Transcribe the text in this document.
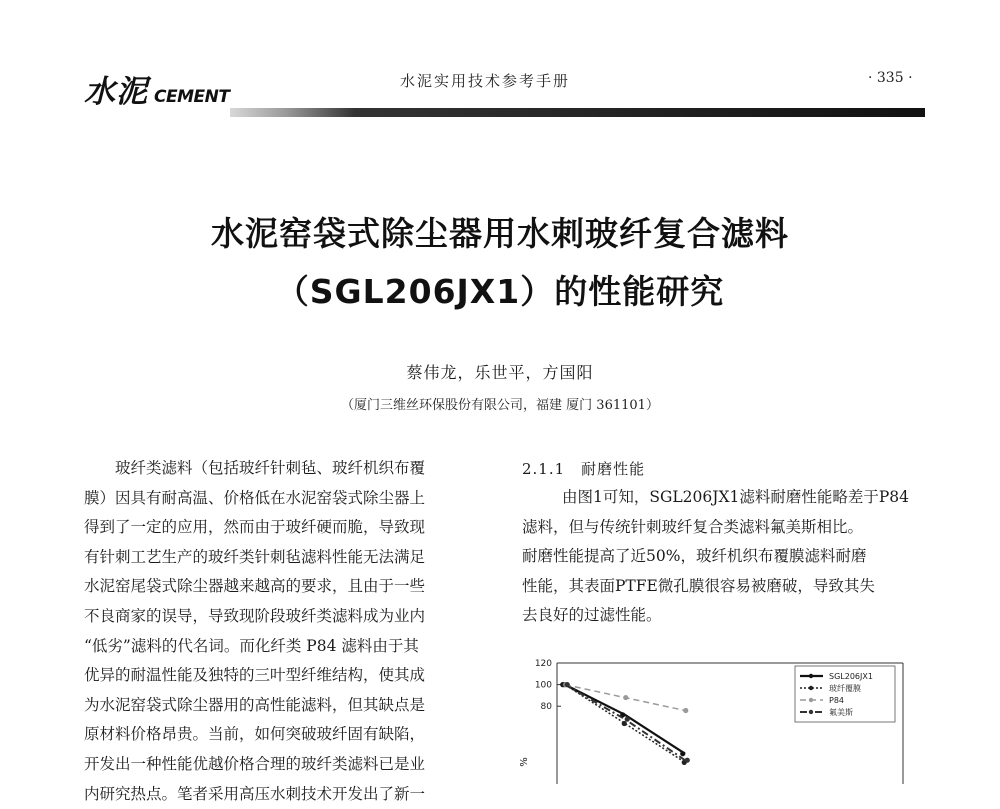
水泥 CEMENT
水泥实用技术参考手册	· 335 ·
水泥窑袋式除尘器用水刺玻纤复合滤料
（SGL206JX1）的性能研究
蔡伟龙，乐世平，方国阳
（厦门三维丝环保股份有限公司，福建 厦门 361101）
玻纤类滤料（包括玻纤针刺毡、玻纤机织布覆
膜）因具有耐高温、价格低在水泥窑袋式除尘器上
得到了一定的应用，然而由于玻纤硬而脆，导致现
有针刺工艺生产的玻纤类针刺毡滤料性能无法满足
水泥窑尾袋式除尘器越来越高的要求，且由于一些
不良商家的误导，导致现阶段玻纤类滤料成为业内
“低劣”滤料的代名词。而化纤类 P84 滤料由于其
优异的耐温性能及独特的三叶型纤维结构，使其成
为水泥窑袋式除尘器用的高性能滤料，但其缺点是
原材料价格昂贵。当前，如何突破玻纤固有缺陷，
开发出一种性能优越价格合理的玻纤类滤料已是业
内研究热点。笔者采用高压水刺技术开发出了新一
2.1.1　耐磨性能
由图1可知，SGL206JX1滤料耐磨性能略差于P84
滤料，但与传统针刺玻纤复合类滤料氟美斯相比。
耐磨性能提高了近50%，玻纤机织布覆膜滤料耐磨
性能，其表面PTFE微孔膜很容易被磨破，导致其失
去良好的过滤性能。
120
100
80
%
SGL206JX1
玻纤覆膜
P84
氟美斯
